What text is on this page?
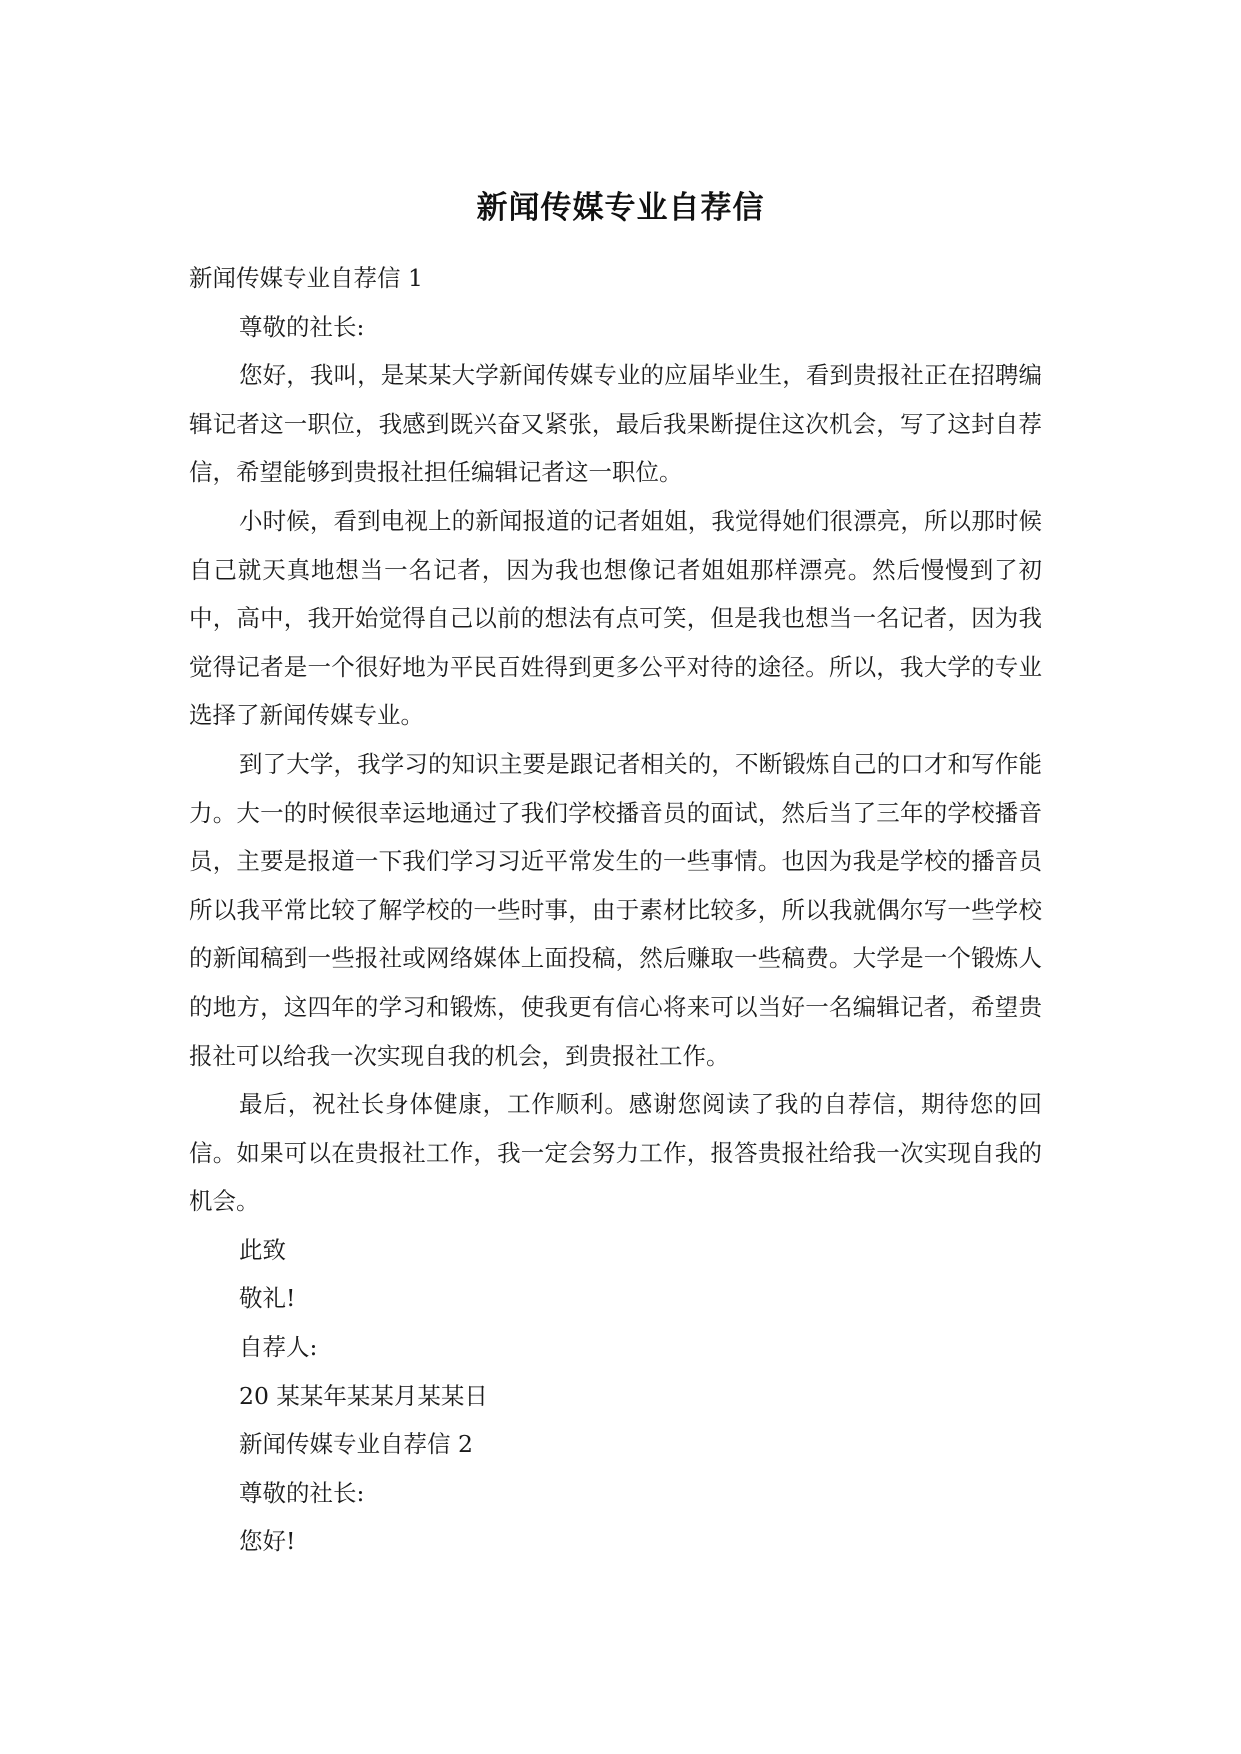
新闻传媒专业自荐信

新闻传媒专业自荐信 1

尊敬的社长:

您好，我叫，是某某大学新闻传媒专业的应届毕业生，看到贵报社正在招聘编辑记者这一职位，我感到既兴奋又紧张，最后我果断提住这次机会，写了这封自荐信，希望能够到贵报社担任编辑记者这一职位。

小时候，看到电视上的新闻报道的记者姐姐，我觉得她们很漂亮，所以那时候自己就天真地想当一名记者，因为我也想像记者姐姐那样漂亮。然后慢慢到了初中，高中，我开始觉得自己以前的想法有点可笑，但是我也想当一名记者，因为我觉得记者是一个很好地为平民百姓得到更多公平对待的途径。所以，我大学的专业选择了新闻传媒专业。

到了大学，我学习的知识主要是跟记者相关的，不断锻炼自己的口才和写作能力。大一的时候很幸运地通过了我们学校播音员的面试，然后当了三年的学校播音员，主要是报道一下我们学习习近平常发生的一些事情。也因为我是学校的播音员所以我平常比较了解学校的一些时事，由于素材比较多，所以我就偶尔写一些学校的新闻稿到一些报社或网络媒体上面投稿，然后赚取一些稿费。大学是一个锻炼人的地方，这四年的学习和锻炼，使我更有信心将来可以当好一名编辑记者，希望贵报社可以给我一次实现自我的机会，到贵报社工作。

最后，祝社长身体健康，工作顺利。感谢您阅读了我的自荐信，期待您的回信。如果可以在贵报社工作，我一定会努力工作，报答贵报社给我一次实现自我的机会。

此致

敬礼!

自荐人:

20 某某年某某月某某日

新闻传媒专业自荐信 2

尊敬的社长:

您好!
